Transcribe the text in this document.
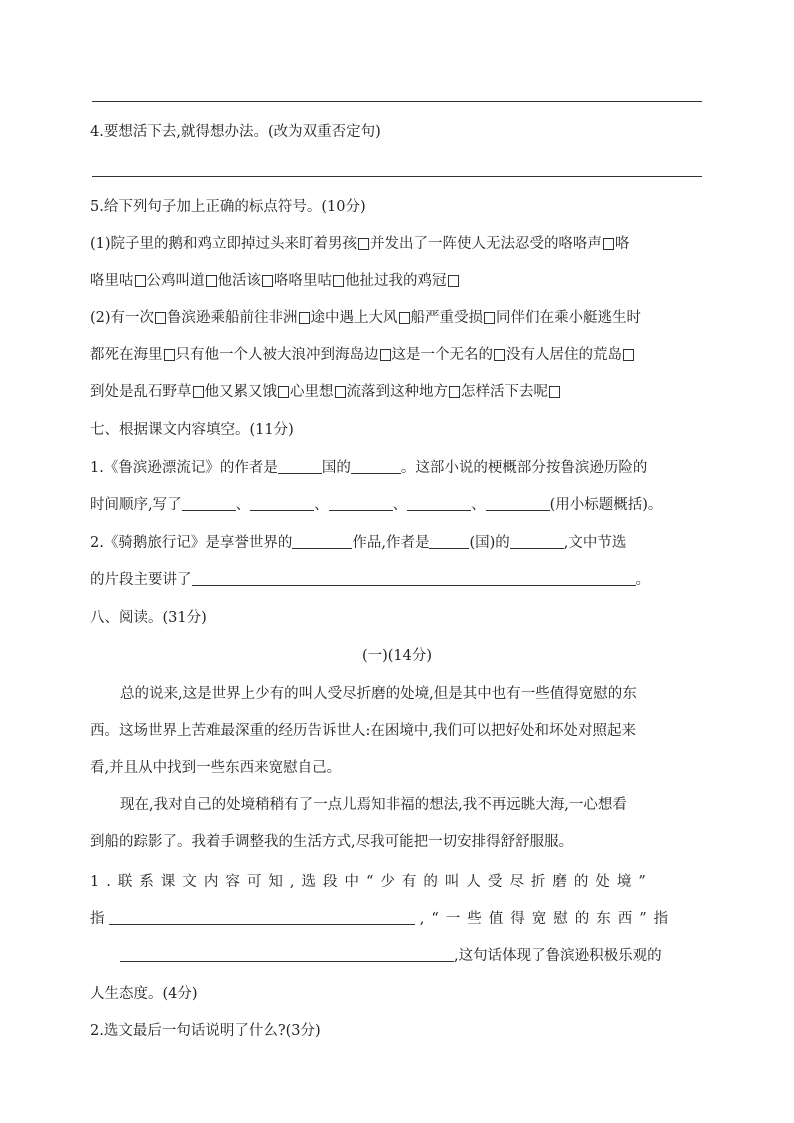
4.要想活下去,就得想办法。(改为双重否定句)
5.给下列句子加上正确的标点符号。(10分)
(1)院子里的鹅和鸡立即掉过头来盯着男孩 并发出了一阵使人无法忍受的咯咯声 咯
咯里咕 公鸡叫道 他活该 咯咯里咕 他扯过我的鸡冠
(2)有一次 鲁滨逊乘船前往非洲 途中遇上大风 船严重受损 同伴们在乘小艇逃生时
都死在海里 只有他一个人被大浪冲到海岛边 这是一个无名的 没有人居住的荒岛
到处是乱石野草 他又累又饿 心里想 流落到这种地方 怎样活下去呢
七、根据课文内容填空。(11分)
1.《鲁滨逊漂流记》的作者是	国的	。这部小说的梗概部分按鲁滨逊历险的
时间顺序,写了	、	、	、	、	(用小标题概括)。
2.《骑鹅旅行记》是享誉世界的	作品,作者是	(国)的	,文中节选
的片段主要讲了	。
八、阅读。(31分)
(一)(14分)
总的说来,这是世界上少有的叫人受尽折磨的处境,但是其中也有一些值得宽慰的东
西。这场世界上苦难最深重的经历告诉世人:在困境中,我们可以把好处和坏处对照起来
看,并且从中找到一些东西来宽慰自己。
现在,我对自己的处境稍稍有了一点儿焉知非福的想法,我不再远眺大海,一心想看
到船的踪影了。我着手调整我的生活方式,尽我可能把一切安排得舒舒服服。
1.联系课文内容可知,选段中“少有的叫人受尽折磨的处境”
指	,“一些值得宽慰的东西”指
,这句话体现了鲁滨逊积极乐观的
人生态度。(4分)
2.选文最后一句话说明了什么?(3分)
